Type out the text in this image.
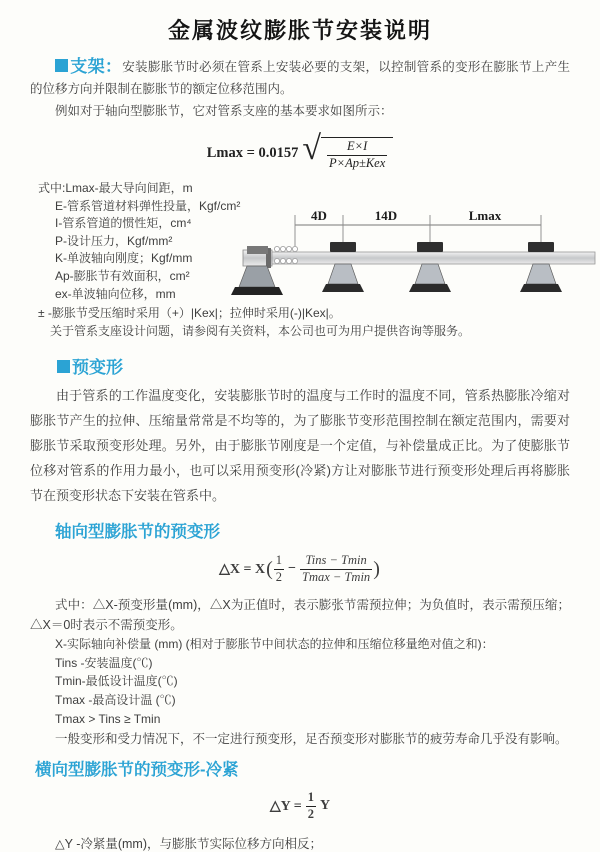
金属波纹膨胀节安装说明
支架：安装膨胀节时必须在管系上安装必要的支架，以控制管系的变形在膨胀节上产生的位移方向并限制在膨胀节的额定位移范围内。
例如对于轴向型膨胀节，它对管系支座的基本要求如图所示：
Lmax = 0.0157 √ $\frac{E\times I}{\text{P×Ap±Kex}}$
式中:Lmax-最大导向间距，m
E-管系管道材料弹性投量，Kgf/cm²
I-管系管道的惯性矩，cm⁴
P-设计压力，Kgf/mm²
K-单波轴向刚度；Kgf/mm
Ap-膨胀节有效面积，cm²
ex-单波轴向位移，mm
± -膨胀节受压缩时采用（+）|Kex|；拉伸时采用(-)|Kex|。
关于管系支座设计问题，请参阅有关资料，本公司也可为用户提供咨询等服务。
4D	14D	Lmax
预变形
由于管系的工作温度变化，安装膨胀节时的温度与工作时的温度不同，管系热膨胀冷缩对膨胀节产生的拉伸、压缩量常常是不均等的，为了膨胀节变形范围控制在额定范围内，需要对膨胀节采取预变形处理。另外，由于膨胀节刚度是一个定值，与补偿量成正比。为了使膨胀节位移对管系的作用力最小，也可以采用预变形(冷紧)方让对膨胀节进行预变形处理后再将膨胀节在预变形状态下安装在管系中。
轴向型膨胀节的预变形
△X = X ( $\frac{1}{2} - \frac{\text{Tins − Tmin}}{Tmax - Tmin}$ )
式中：△X-预变形量(mm)，△X为正值时，表示膨张节需预拉伸；为负值时，表示需预压缩；△X＝0时表示不需预变形。
X-实际轴向补偿量 (mm) (相对于膨胀节中间状态的拉伸和压缩位移量绝对值之和)：
Tins -安装温度(℃)
Tmin-最低设计温度(℃)
Tmax -最高设计温 (℃)
Tmax > Tins ≥ Tmin
一般变形和受力情况下，不一定进行预变形，足否预变形对膨胀节的疲劳寿命几乎没有影响。
横向型膨胀节的预变形-冷紧
△Y = $\frac{1}{2}$ Y
△Y -冷紧量(mm)，与膨胀节实际位移方向相反；
